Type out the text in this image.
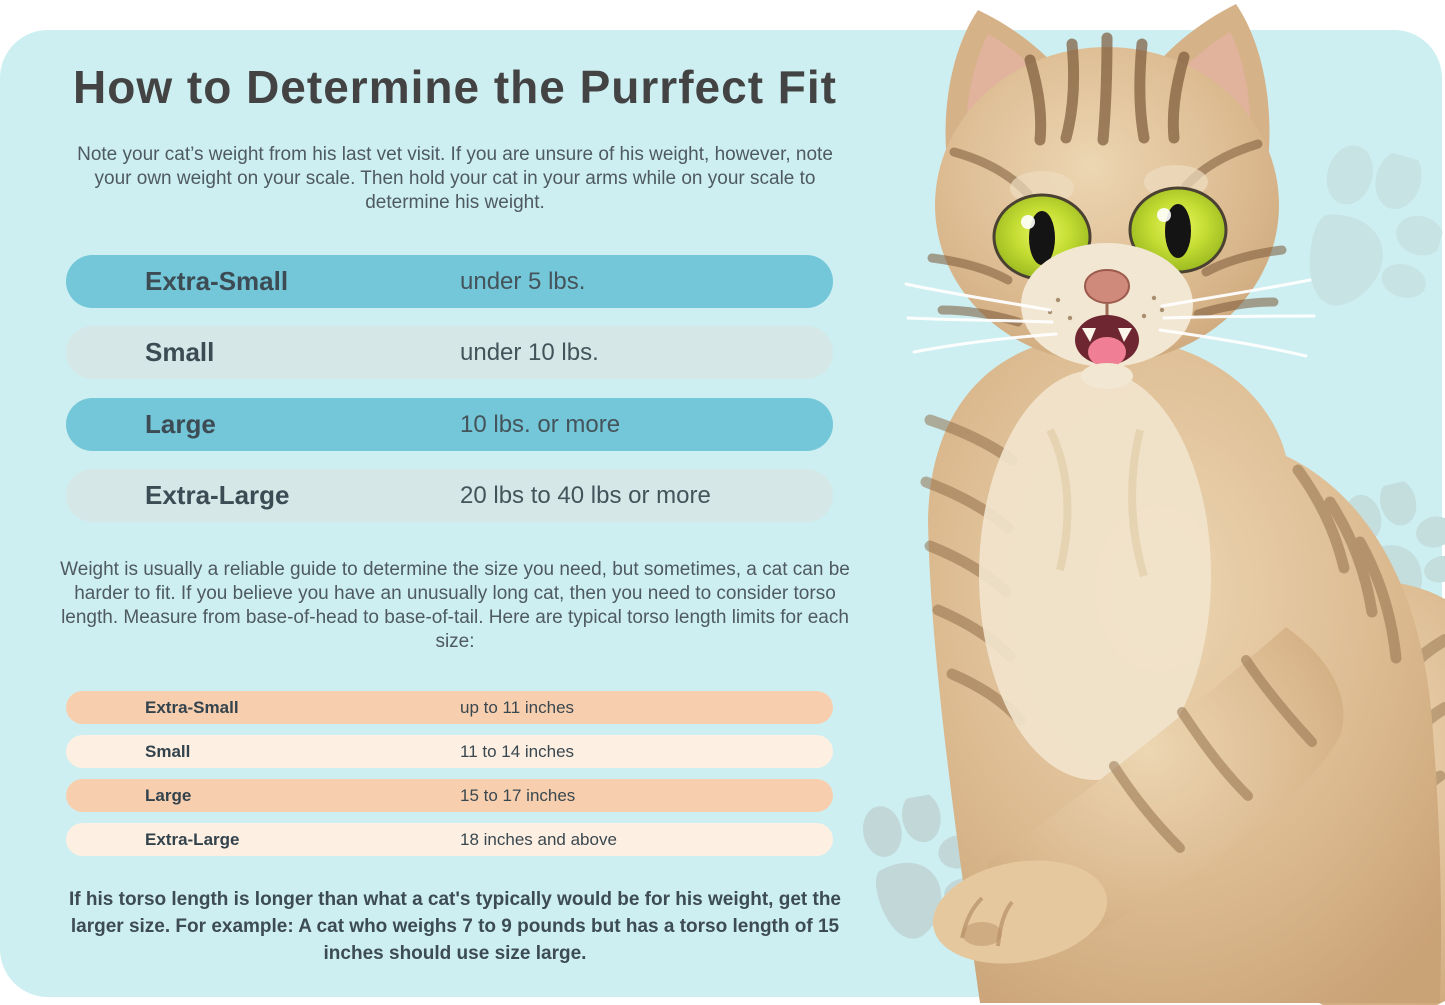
How to Determine the Purrfect Fit

Note your cat’s weight from his last vet visit. If you are unsure of his weight, however, note your own weight on your scale. Then hold your cat in your arms while on your scale to determine his weight.

Extra-Small	under 5 lbs.
Small	under 10 lbs.
Large	10 lbs. or more
Extra-Large	20 lbs to 40 lbs or more

Weight is usually a reliable guide to determine the size you need, but sometimes, a cat can be harder to fit. If you believe you have an unusually long cat, then you need to consider torso length. Measure from base-of-head to base-of-tail. Here are typical torso length limits for each size:

Extra-Small	up to 11 inches
Small	11 to 14 inches
Large	15 to 17 inches
Extra-Large	18 inches and above

If his torso length is longer than what a cat's typically would be for his weight, get the larger size. For example: A cat who weighs 7 to 9 pounds but has a torso length of 15 inches should use size large.
